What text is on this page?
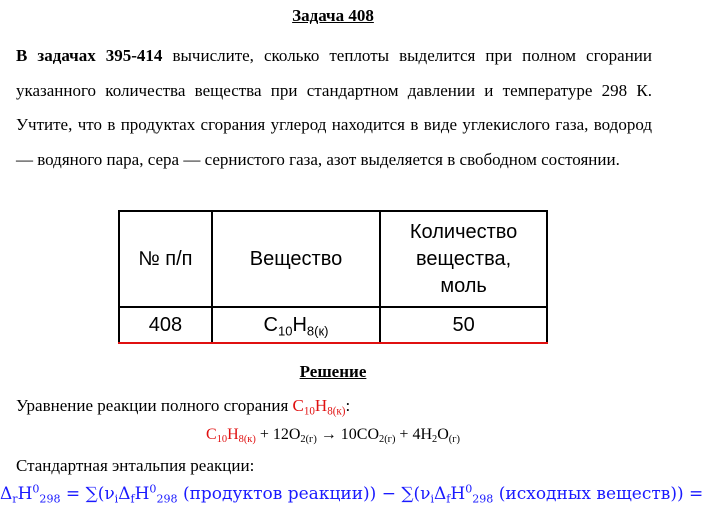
Задача 408
В задачах 395-414 вычислите, сколько теплоты выделится при полном сгорании указанного количества вещества при стандартном давлении и температуре 298 К. Учтите, что в продуктах сгорания углерод находится в виде углекислого газа, водород — водяного пара, сера — сернистого газа, азот выделяется в свободном состоянии.
№ п/п	Вещество	Количество
вещества,
моль
408	$C_{10}H_{8(к)}$	50
Решение
Уравнение реакции полного сгорания $C_{10}H_{8(к)}$:
$C_{10}H_{8(к)} + 12O_{2(г)} \to 10CO_{2(г)} + 4H_2O_{(г)}$
Стандартная энтальпия реакции:
$\Delta_rH^0_{298} = \sum(\nu_i\Delta_fH^0_{298}$ (продуктов реакции)) − $\sum(\nu_i\Delta_fH^0_{298}$ (исходных веществ)) =
